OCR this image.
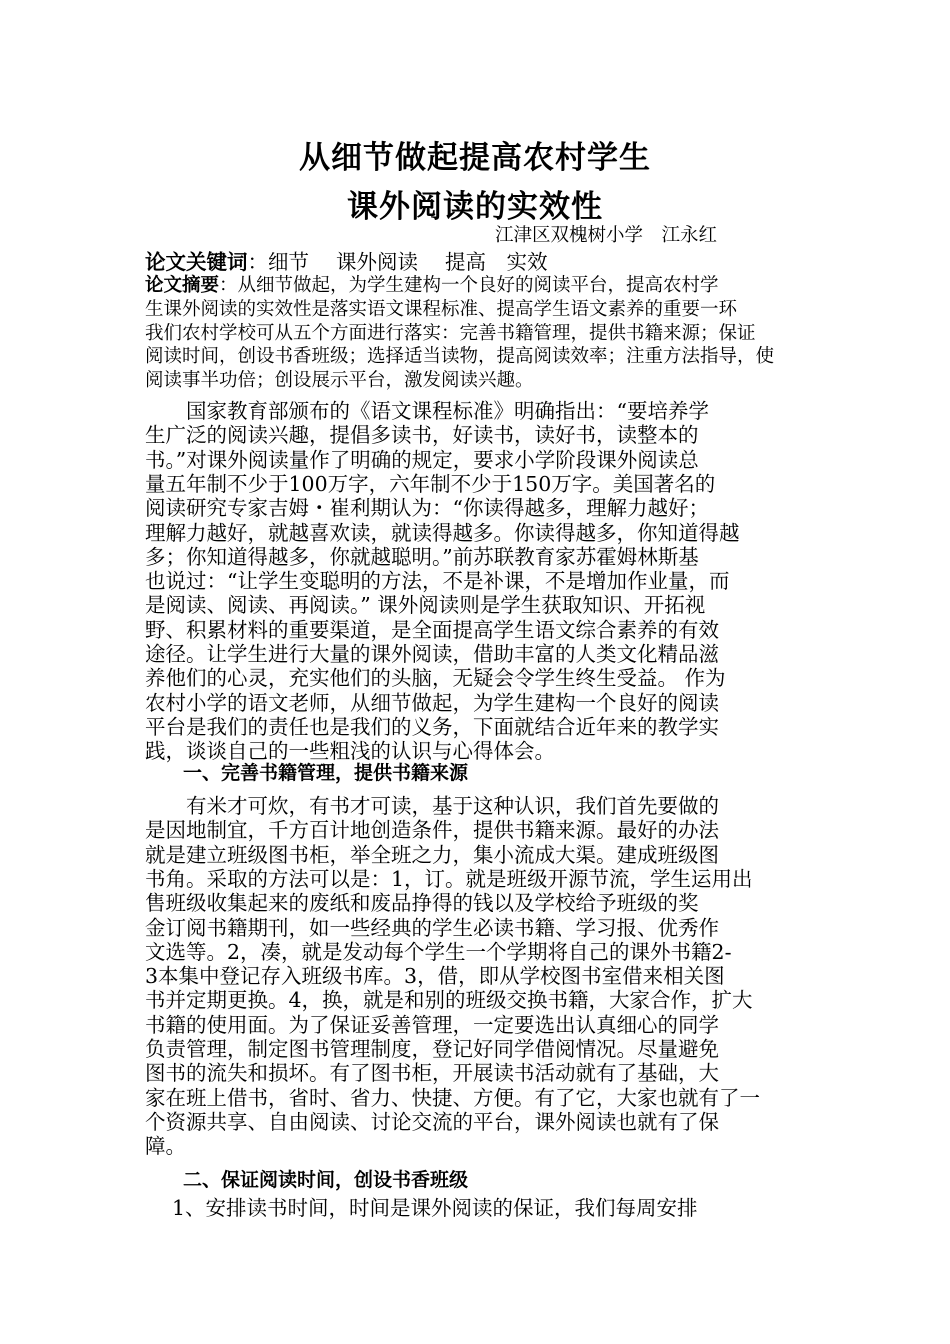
从细节做起提高农村学生
课外阅读的实效性
江津区双槐树小学　江永红
论文关键词：细节　 课外阅读　 提高　实效
论文摘要：从细节做起，为学生建构一个良好的阅读平台，提高农村学
生课外阅读的实效性是落实语文课程标准、提高学生语文素养的重要一环
我们农村学校可从五个方面进行落实：完善书籍管理，提供书籍来源；保证
阅读时间，创设书香班级；选择适当读物，提高阅读效率；注重方法指导，使
阅读事半功倍；创设展示平台，激发阅读兴趣。
　　国家教育部颁布的《语文课程标准》明确指出：“要培养学
生广泛的阅读兴趣，提倡多读书，好读书，读好书，读整本的
书。”对课外阅读量作了明确的规定，要求小学阶段课外阅读总
量五年制不少于100万字，六年制不少于150万字。美国著名的
阅读研究专家吉姆・崔利期认为：“你读得越多，理解力越好；
理解力越好，就越喜欢读，就读得越多。你读得越多，你知道得越
多；你知道得越多，你就越聪明。”前苏联教育家苏霍姆林斯基
也说过：“让学生变聪明的方法，不是补课，不是增加作业量，而
是阅读、阅读、再阅读。” 课外阅读则是学生获取知识、开拓视
野、积累材料的重要渠道，是全面提高学生语文综合素养的有效
途径。让学生进行大量的课外阅读，借助丰富的人类文化精品滋
养他们的心灵，充实他们的头脑，无疑会令学生终生受益。 作为
农村小学的语文老师，从细节做起，为学生建构一个良好的阅读
平台是我们的责任也是我们的义务，下面就结合近年来的教学实
践，谈谈自己的一些粗浅的认识与心得体会。
　　一、完善书籍管理，提供书籍来源
　　有米才可炊，有书才可读，基于这种认识，我们首先要做的
是因地制宜，千方百计地创造条件，提供书籍来源。最好的办法
就是建立班级图书柜，举全班之力，集小流成大渠。建成班级图
书角。采取的方法可以是：1，订。就是班级开源节流，学生运用出
售班级收集起来的废纸和废品挣得的钱以及学校给予班级的奖
金订阅书籍期刊，如一些经典的学生必读书籍、学习报、优秀作
文选等。2，凑，就是发动每个学生一个学期将自己的课外书籍2-
3本集中登记存入班级书库。3，借，即从学校图书室借来相关图
书并定期更换。4，换，就是和别的班级交换书籍，大家合作，扩大
书籍的使用面。为了保证妥善管理，一定要选出认真细心的同学
负责管理，制定图书管理制度，登记好同学借阅情况。尽量避免
图书的流失和损坏。有了图书柜，开展读书活动就有了基础，大
家在班上借书，省时、省力、快捷、方便。有了它，大家也就有了一
个资源共享、自由阅读、讨论交流的平台，课外阅读也就有了保
障。
　　二、保证阅读时间，创设书香班级
　 1、安排读书时间，时间是课外阅读的保证，我们每周安排
